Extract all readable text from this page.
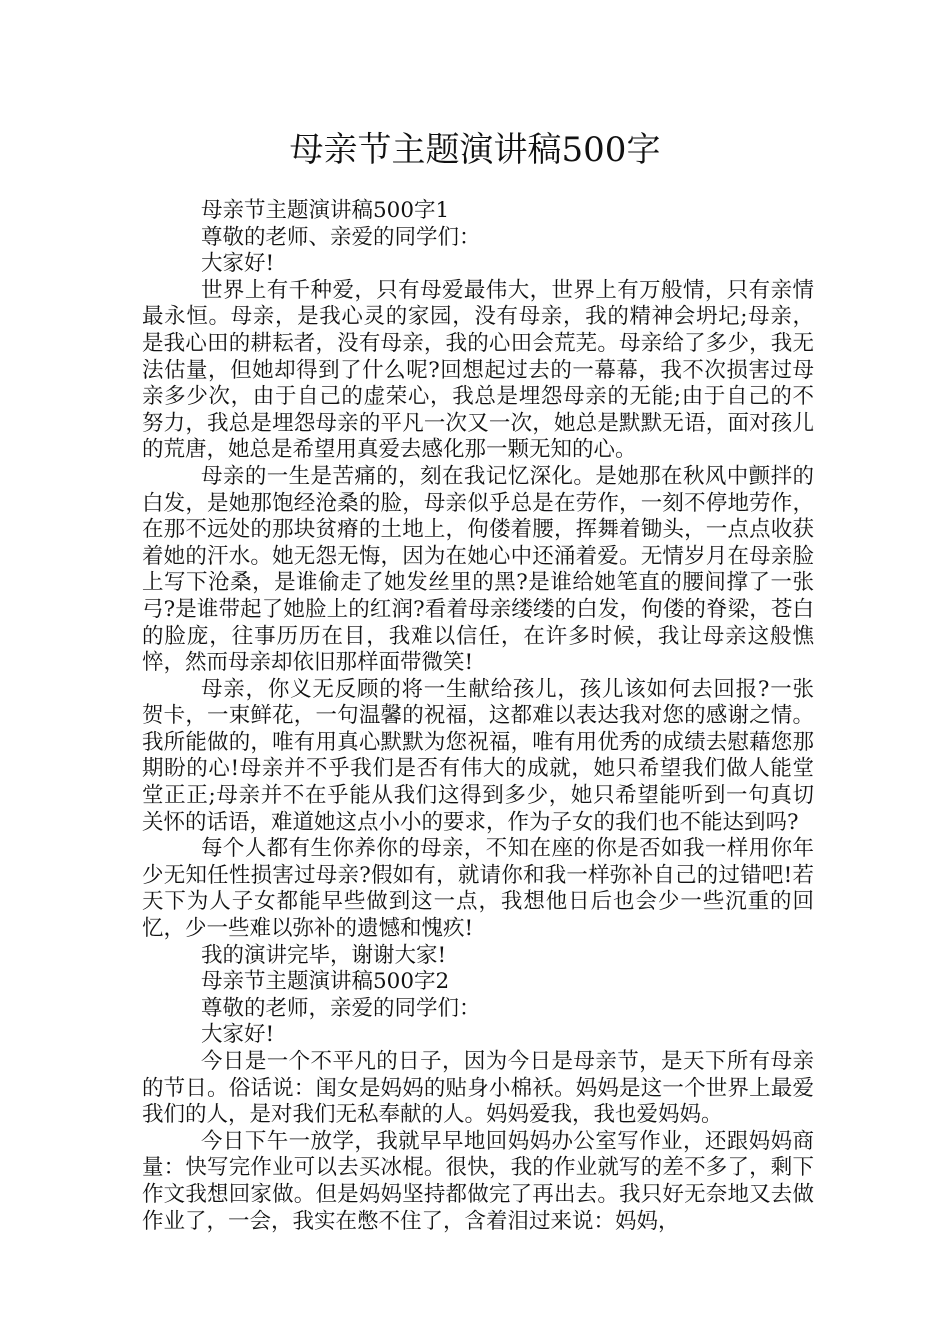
母亲节主题演讲稿500字

母亲节主题演讲稿500字1

尊敬的老师、亲爱的同学们：

大家好!

世界上有千种爱，只有母爱最伟大，世界上有万般情，只有亲情最永恒。母亲，是我心灵的家园，没有母亲，我的精神会坍圮;母亲，是我心田的耕耘者，没有母亲，我的心田会荒芜。母亲给了多少，我无法估量，但她却得到了什么呢?回想起过去的一幕幕，我不次损害过母亲多少次，由于自己的虚荣心，我总是埋怨母亲的无能;由于自己的不努力，我总是埋怨母亲的平凡一次又一次，她总是默默无语，面对孩儿的荒唐，她总是希望用真爱去感化那一颗无知的心。

母亲的一生是苦痛的，刻在我记忆深化。是她那在秋风中颤拌的白发，是她那饱经沧桑的脸，母亲似乎总是在劳作，一刻不停地劳作，在那不远处的那块贫瘠的土地上，佝偻着腰，挥舞着锄头，一点点收获着她的汗水。她无怨无悔，因为在她心中还涌着爱。无情岁月在母亲脸上写下沧桑，是谁偷走了她发丝里的黑?是谁给她笔直的腰间撑了一张弓?是谁带起了她脸上的红润?看着母亲缕缕的白发，佝偻的脊梁，苍白的脸庞，往事历历在目，我难以信任，在许多时候，我让母亲这般憔悴，然而母亲却依旧那样面带微笑!

母亲，你义无反顾的将一生献给孩儿，孩儿该如何去回报?一张贺卡，一束鲜花，一句温馨的祝福，这都难以表达我对您的感谢之情。我所能做的，唯有用真心默默为您祝福，唯有用优秀的成绩去慰藉您那期盼的心!母亲并不乎我们是否有伟大的成就，她只希望我们做人能堂堂正正;母亲并不在乎能从我们这得到多少，她只希望能听到一句真切关怀的话语，难道她这点小小的要求，作为子女的我们也不能达到吗?

每个人都有生你养你的母亲，不知在座的你是否如我一样用你年少无知任性损害过母亲?假如有，就请你和我一样弥补自己的过错吧!若天下为人子女都能早些做到这一点，我想他日后也会少一些沉重的回忆，少一些难以弥补的遗憾和愧疚!

我的演讲完毕，谢谢大家!

母亲节主题演讲稿500字2

尊敬的老师，亲爱的同学们：

大家好!

今日是一个不平凡的日子，因为今日是母亲节，是天下所有母亲的节日。俗话说：闺女是妈妈的贴身小棉袄。妈妈是这一个世界上最爱我们的人，是对我们无私奉献的人。妈妈爱我，我也爱妈妈。

今日下午一放学，我就早早地回妈妈办公室写作业，还跟妈妈商量：快写完作业可以去买冰棍。很快，我的作业就写的差不多了，剩下作文我想回家做。但是妈妈坚持都做完了再出去。我只好无奈地又去做作业了，一会，我实在憋不住了，含着泪过来说：妈妈，
